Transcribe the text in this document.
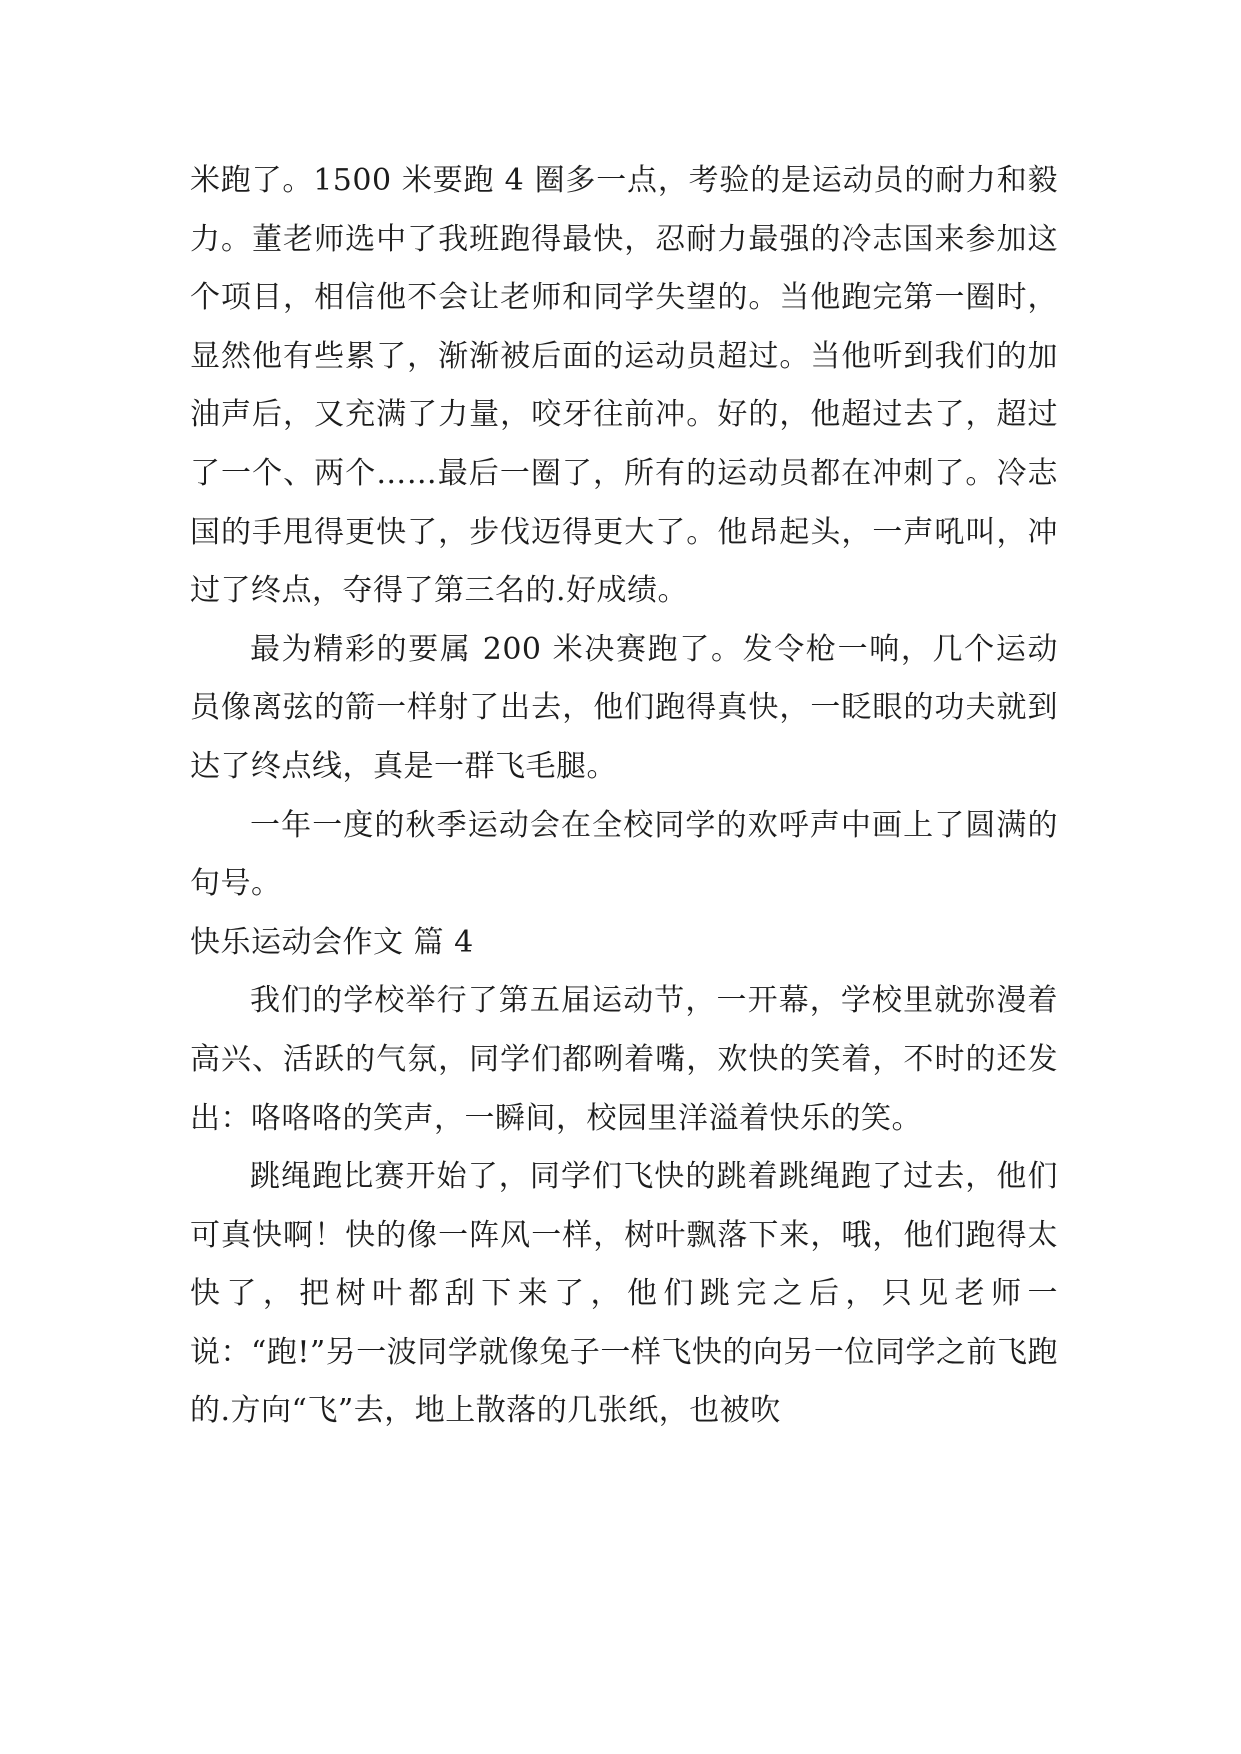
米跑了。1500 米要跑 4 圈多一点，考验的是运动员的耐力和毅力。董老师选中了我班跑得最快，忍耐力最强的冷志国来参加这个项目，相信他不会让老师和同学失望的。当他跑完第一圈时，显然他有些累了，渐渐被后面的运动员超过。当他听到我们的加油声后，又充满了力量，咬牙往前冲。好的，他超过去了，超过了一个、两个……最后一圈了，所有的运动员都在冲刺了。冷志国的手甩得更快了，步伐迈得更大了。他昂起头，一声吼叫，冲过了终点，夺得了第三名的.好成绩。

最为精彩的要属 200 米决赛跑了。发令枪一响，几个运动员像离弦的箭一样射了出去，他们跑得真快，一眨眼的功夫就到达了终点线，真是一群飞毛腿。

一年一度的秋季运动会在全校同学的欢呼声中画上了圆满的句号。

快乐运动会作文 篇 4

我们的学校举行了第五届运动节，一开幕，学校里就弥漫着高兴、活跃的气氛，同学们都咧着嘴，欢快的笑着，不时的还发出：咯咯咯的笑声，一瞬间，校园里洋溢着快乐的笑。

跳绳跑比赛开始了，同学们飞快的跳着跳绳跑了过去，他们可真快啊！快的像一阵风一样，树叶飘落下来，哦，他们跑得太快了，把树叶都刮下来了，他们跳完之后，只见老师一说：“跑!”另一波同学就像兔子一样飞快的向另一位同学之前飞跑的.方向“飞”去，地上散落的几张纸，也被吹
